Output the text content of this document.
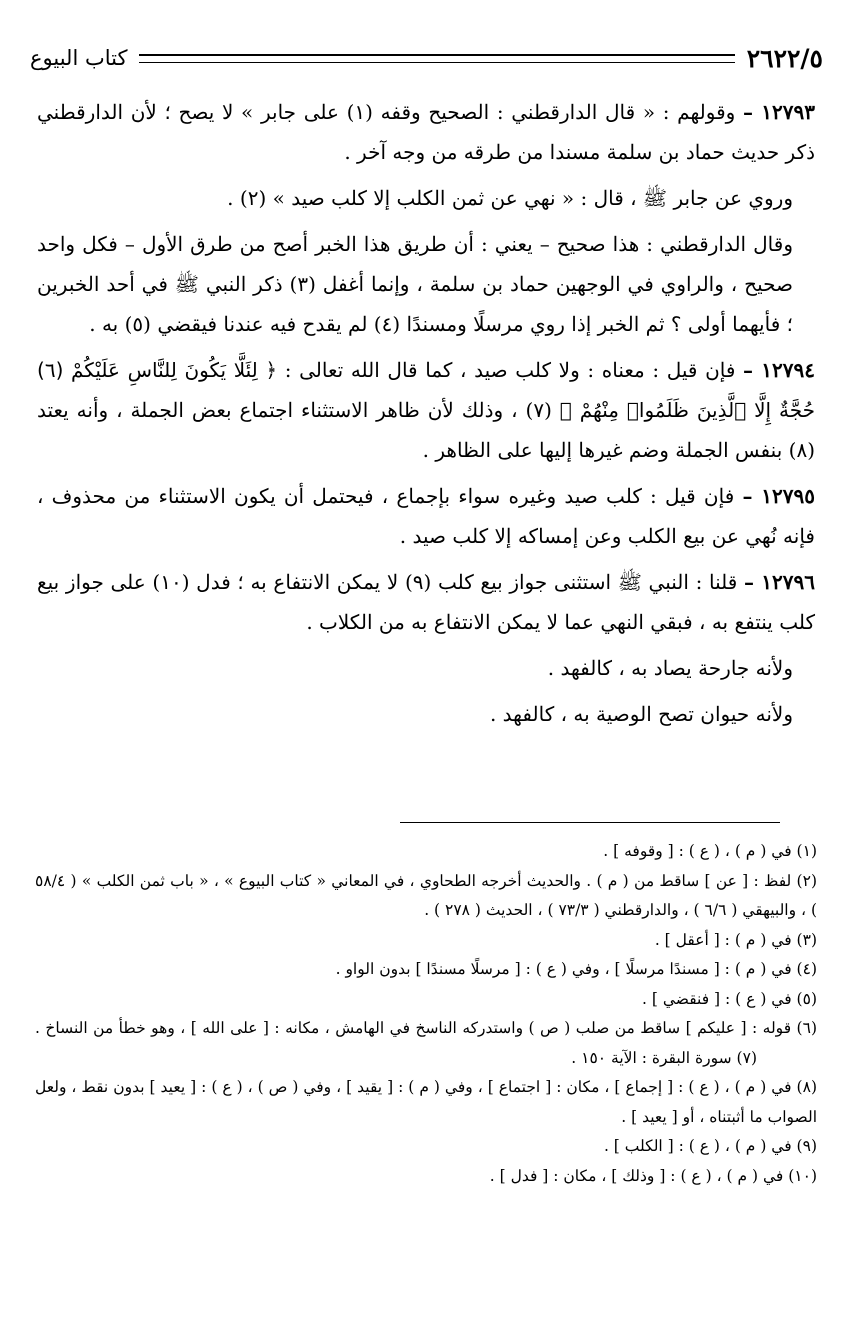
٢٦٢٢/٥
كتاب البيوع

١٢٧٩٣ – وقولهم : « قال الدارقطني : الصحيح وقفه (١) على جابر » لا يصح ؛ لأن الدارقطني ذكر حديث حماد بن سلمة مسندا من طرقه من وجه آخر .

وروي عن جابر ﷺ ، قال : « نهي عن ثمن الكلب إلا كلب صيد » (٢) .

وقال الدارقطني : هذا صحيح – يعني : أن طريق هذا الخبر أصح من طرق الأول – فكل واحد صحيح ، والراوي في الوجهين حماد بن سلمة ، وإنما أغفل (٣) ذكر النبي ﷺ في أحد الخبرين ؛ فأيهما أولى ؟ ثم الخبر إذا روي مرسلًا ومسندًا (٤) لم يقدح فيه عندنا فيقضي (٥) به .

١٢٧٩٤ – فإن قيل : معناه : ولا كلب صيد ، كما قال الله تعالى : ﴿ لِئَلَّا يَكُونَ لِلنَّاسِ عَلَيْكُمْ (٦) حُجَّةٌ إِلَّا ٱلَّذِينَ ظَلَمُوا۟ مِنْهُمْ ﴾ (٧) ، وذلك لأن ظاهر الاستثناء اجتماع بعض الجملة ، وأنه يعتد (٨) بنفس الجملة وضم غيرها إليها على الظاهر .

١٢٧٩٥ – فإن قيل : كلب صيد وغيره سواء بإجماع ، فيحتمل أن يكون الاستثناء من محذوف ، فإنه نُهي عن بيع الكلب وعن إمساكه إلا كلب صيد .

١٢٧٩٦ – قلنا : النبي ﷺ استثنى جواز بيع كلب (٩) لا يمكن الانتفاع به ؛ فدل (١٠) على جواز بيع كلب ينتفع به ، فبقي النهي عما لا يمكن الانتفاع به من الكلاب .

ولأنه جارحة يصاد به ، كالفهد .

ولأنه حيوان تصح الوصية به ، كالفهد .

(١) في ( م ) ، ( ع ) : [ وقوفه ] .

(٢) لفظ : [ عن ] ساقط من ( م ) . والحديث أخرجه الطحاوي ، في المعاني « كتاب البيوع » ، « باب ثمن الكلب » ( ٥٨/٤ ) ، والبيهقي ( ٦/٦ ) ، والدارقطني ( ٧٣/٣ ) ، الحديث ( ٢٧٨ ) .

(٣) في ( م ) : [ أعقل ] .

(٤) في ( م ) : [ مسندًا مرسلًا ] ، وفي ( ع ) : [ مرسلًا مسندًا ] بدون الواو .

(٥) في ( ع ) : [ فنقضي ] .

(٦) قوله : [ عليكم ] ساقط من صلب ( ص ) واستدركه الناسخ في الهامش ، مكانه : [ على الله ] ، وهو خطأ من النساخ .(٧) سورة البقرة : الآية ١٥٠ .

(٨) في ( م ) ، ( ع ) : [ إجماع ] ، مكان : [ اجتماع ] ، وفي ( م ) : [ يقيد ] ، وفي ( ص ) ، ( ع ) : [ يعيد ] بدون نقط ، ولعل الصواب ما أثبتناه ، أو [ يعيد ] .

(٩) في ( م ) ، ( ع ) : [ الكلب ] .

(١٠) في ( م ) ، ( ع ) : [ وذلك ] ، مكان : [ فدل ] .
